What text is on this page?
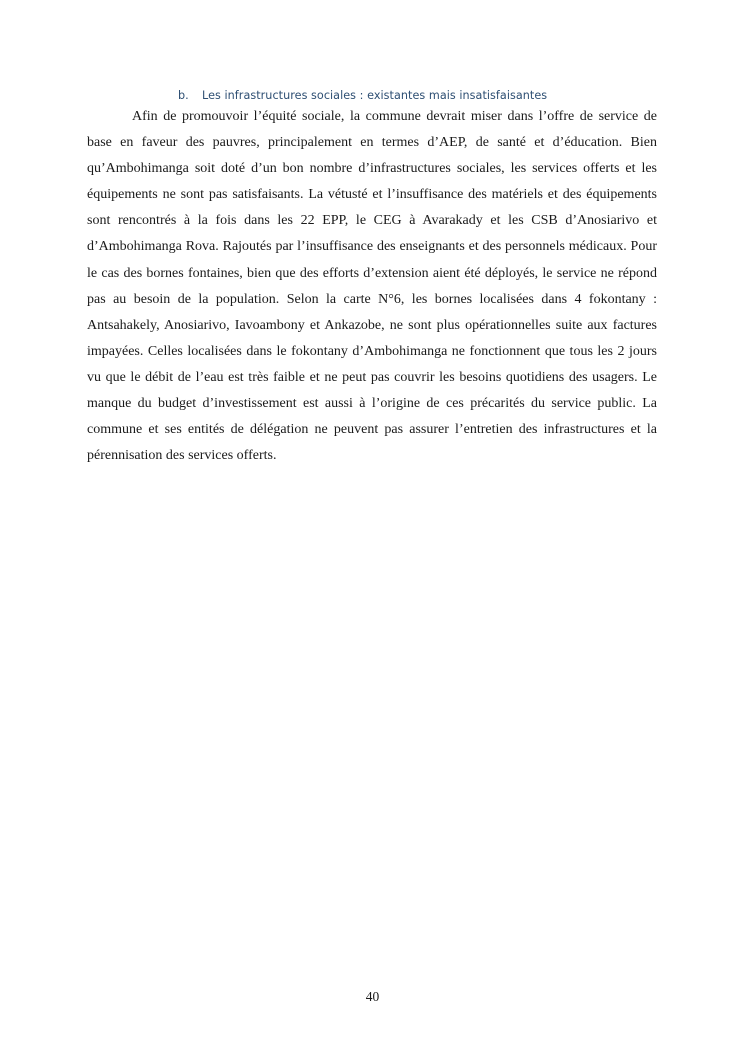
b. Les infrastructures sociales : existantes mais insatisfaisantes

Afin de promouvoir l’équité sociale, la commune devrait miser dans l’offre de service de base en faveur des pauvres, principalement en termes d’AEP, de santé et d’éducation. Bien qu’Ambohimanga soit doté d’un bon nombre d’infrastructures sociales, les services offerts et les équipements ne sont pas satisfaisants. La vétusté et l’insuffisance des matériels et des équipements sont rencontrés à la fois dans les 22 EPP, le CEG à Avarakady et les CSB d’Anosiarivo et d’Ambohimanga Rova. Rajoutés par l’insuffisance des enseignants et des personnels médicaux. Pour le cas des bornes fontaines, bien que des efforts d’extension aient été déployés, le service ne répond pas au besoin de la population. Selon la carte N°6, les bornes localisées dans 4 fokontany : Antsahakely, Anosiarivo, Iavoambony et Ankazobe, ne sont plus opérationnelles suite aux factures impayées. Celles localisées dans le fokontany d’Ambohimanga ne fonctionnent que tous les 2 jours vu que le débit de l’eau est très faible et ne peut pas couvrir les besoins quotidiens des usagers. Le manque du budget d’investissement est aussi à l’origine de ces précarités du service public. La commune et ses entités de délégation ne peuvent pas assurer l’entretien des infrastructures et la pérennisation des services offerts.

40
